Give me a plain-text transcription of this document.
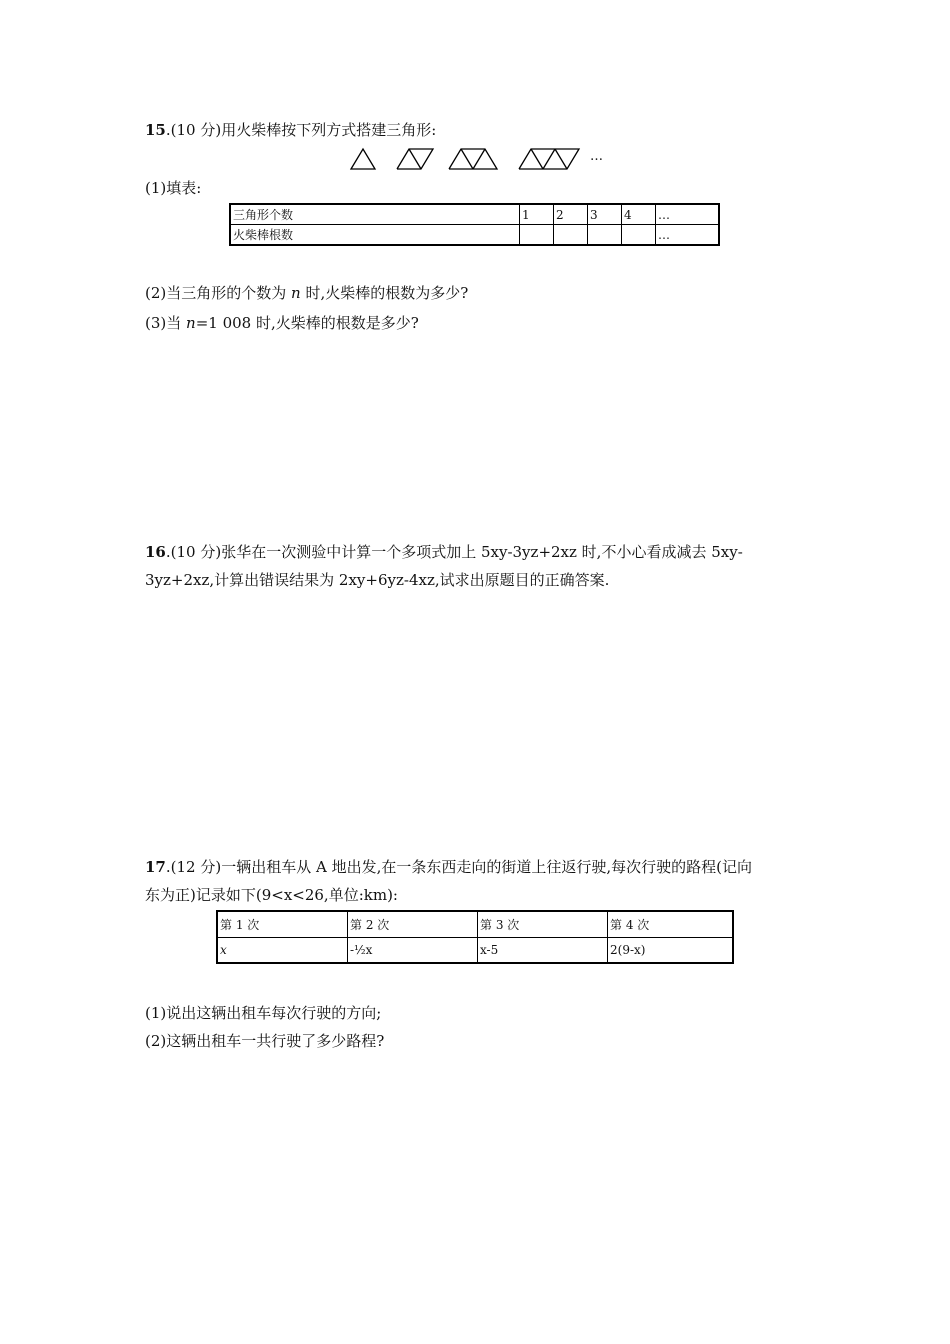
15.(10 分)用火柴棒按下列方式搭建三角形:
…
(1)填表:
三角形个数	1	2	3	4	…
火柴棒根数					…
(2)当三角形的个数为 n 时,火柴棒的根数为多少?
(3)当 n=1 008 时,火柴棒的根数是多少?
16.(10 分)张华在一次测验中计算一个多项式加上 5xy-3yz+2xz 时,不小心看成减去 5xy-
3yz+2xz,计算出错误结果为 2xy+6yz-4xz,试求出原题目的正确答案.
17.(12 分)一辆出租车从 A 地出发,在一条东西走向的街道上往返行驶,每次行驶的路程(记向
东为正)记录如下(9<x<26,单位:km):
第 1 次	第 2 次	第 3 次	第 4 次
x	-½x	x-5	2(9-x)
(1)说出这辆出租车每次行驶的方向;
(2)这辆出租车一共行驶了多少路程?
